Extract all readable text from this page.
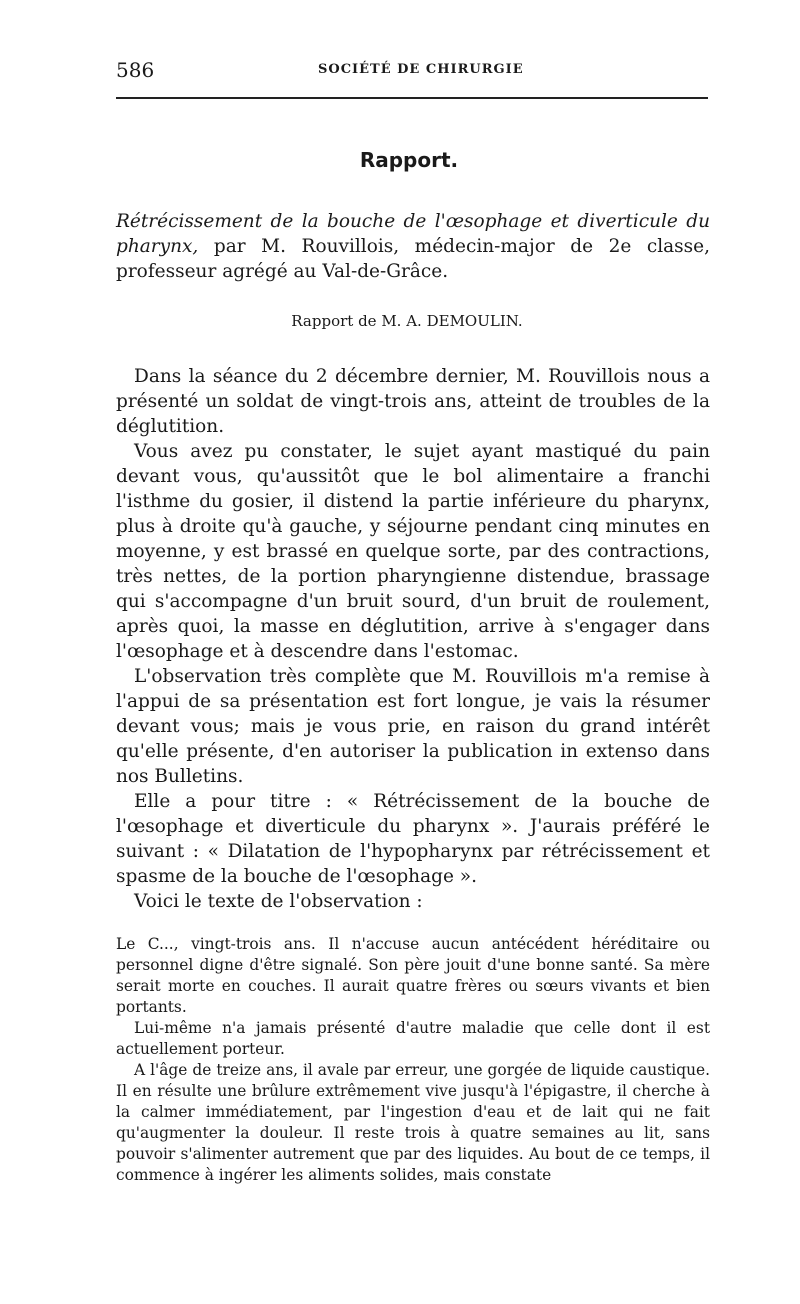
586	SOCIÉTÉ DE CHIRURGIE
Rapport.
Rétrécissement de la bouche de l'œsophage et diverticule du pharynx, par M. Rouvillois, médecin-major de 2e classe, professeur agrégé au Val-de-Grâce.
Rapport de M. A. DEMOULIN.

Dans la séance du 2 décembre dernier, M. Rouvillois nous a présenté un soldat de vingt-trois ans, atteint de troubles de la déglutition.

Vous avez pu constater, le sujet ayant mastiqué du pain devant vous, qu'aussitôt que le bol alimentaire a franchi l'isthme du gosier, il distend la partie inférieure du pharynx, plus à droite qu'à gauche, y séjourne pendant cinq minutes en moyenne, y est brassé en quelque sorte, par des contractions, très nettes, de la portion pharyngienne distendue, brassage qui s'accompagne d'un bruit sourd, d'un bruit de roulement, après quoi, la masse en déglutition, arrive à s'engager dans l'œsophage et à descendre dans l'estomac.

L'observation très complète que M. Rouvillois m'a remise à l'appui de sa présentation est fort longue, je vais la résumer devant vous; mais je vous prie, en raison du grand intérêt qu'elle présente, d'en autoriser la publication in extenso dans nos Bulletins.

Elle a pour titre : « Rétrécissement de la bouche de l'œsophage et diverticule du pharynx ». J'aurais préféré le suivant : « Dilatation de l'hypopharynx par rétrécissement et spasme de la bouche de l'œsophage ».

Voici le texte de l'observation :

Le C..., vingt-trois ans. Il n'accuse aucun antécédent héréditaire ou personnel digne d'être signalé. Son père jouit d'une bonne santé. Sa mère serait morte en couches. Il aurait quatre frères ou sœurs vivants et bien portants.

Lui-même n'a jamais présenté d'autre maladie que celle dont il est actuellement porteur.

A l'âge de treize ans, il avale par erreur, une gorgée de liquide caustique. Il en résulte une brûlure extrêmement vive jusqu'à l'épigastre, il cherche à la calmer immédiatement, par l'ingestion d'eau et de lait qui ne fait qu'augmenter la douleur. Il reste trois à quatre semaines au lit, sans pouvoir s'alimenter autrement que par des liquides. Au bout de ce temps, il commence à ingérer les aliments solides, mais constate
